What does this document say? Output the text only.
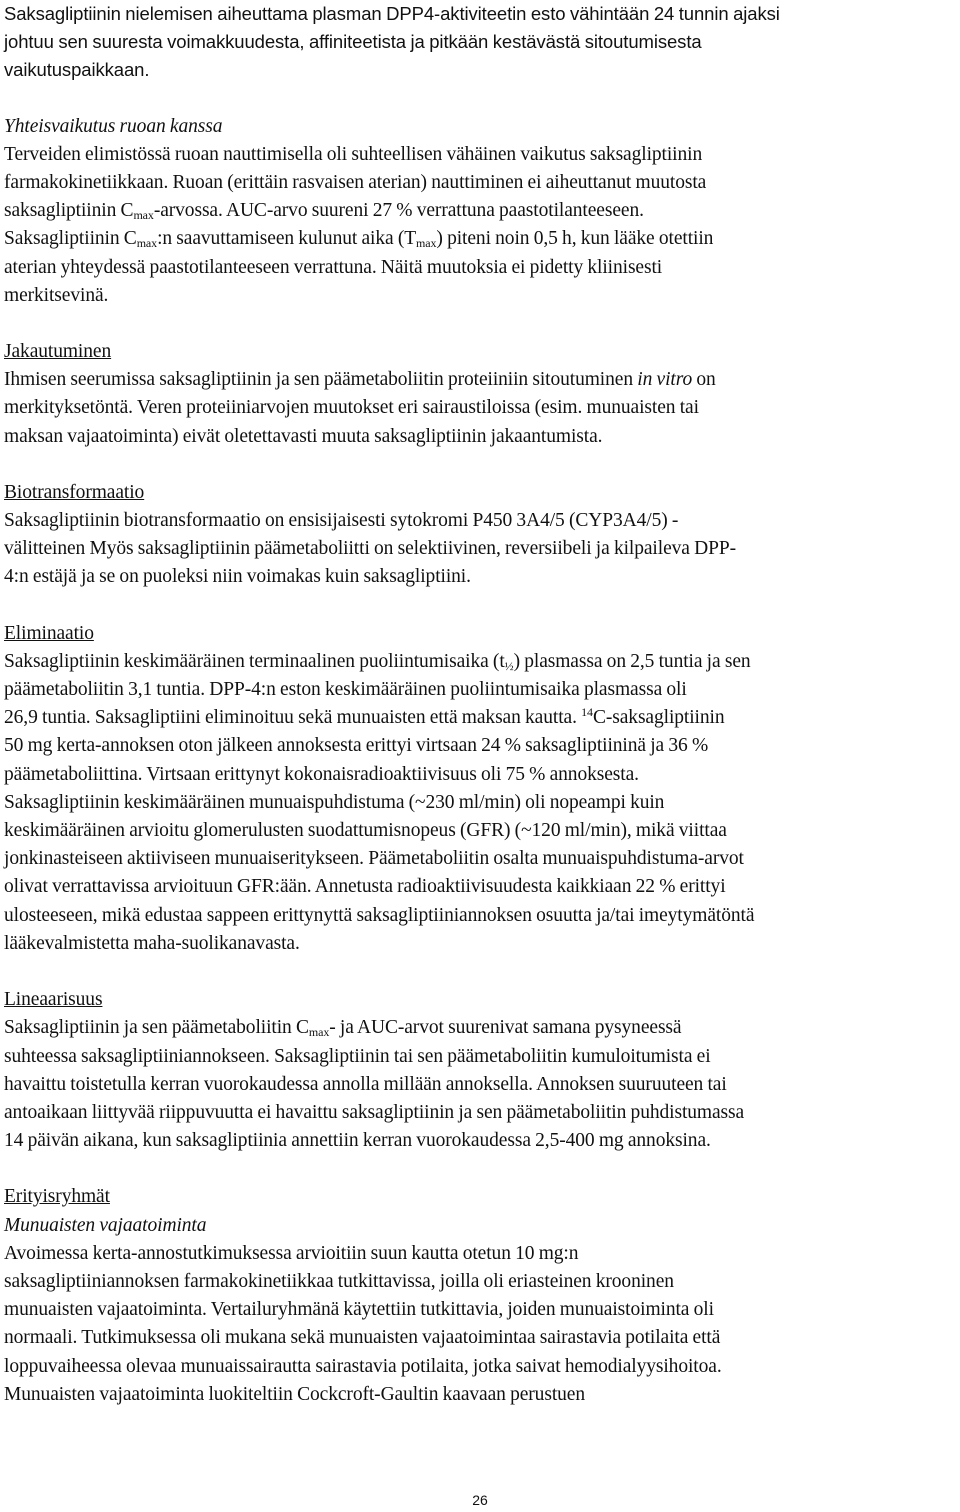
Saksagliptiinin nielemisen aiheuttama plasman DPP4-aktiviteetin esto vähintään 24 tunnin ajaksi

johtuu sen suuresta voimakkuudesta, affiniteetista ja pitkään kestävästä sitoutumisesta

vaikutuspaikkaan.

Yhteisvaikutus ruoan kanssa

Terveiden elimistössä ruoan nauttimisella oli suhteellisen vähäinen vaikutus saksagliptiinin

farmakokinetiikkaan. Ruoan (erittäin rasvaisen aterian) nauttiminen ei aiheuttanut muutosta

saksagliptiinin $C_{max}$-arvossa. AUC-arvo suureni 27 % verrattuna paastotilanteeseen.

Saksagliptiinin $C_{max}:n$ saavuttamiseen kulunut aika $(T_{max})$ piteni noin 0,5 h, kun lääke otettiin

aterian yhteydessä paastotilanteeseen verrattuna. Näitä muutoksia ei pidetty kliinisesti

merkitsevinä.

Jakautuminen

Ihmisen seerumissa saksagliptiinin ja sen päämetaboliitin proteiiniin sitoutuminen in vitro on

merkityksetöntä. Veren proteiiniarvojen muutokset eri sairaustiloissa (esim. munuaisten tai

maksan vajaatoiminta) eivät oletettavasti muuta saksagliptiinin jakaantumista.

Biotransformaatio

Saksagliptiinin biotransformaatio on ensisijaisesti sytokromi P450 3A4/5 (CYP3A4/5) -

välitteinen Myös saksagliptiinin päämetaboliitti on selektiivinen, reversiibeli ja kilpaileva DPP-

4:n estäjä ja se on puoleksi niin voimakas kuin saksagliptiini.

Eliminaatio

Saksagliptiinin keskimääräinen terminaalinen puoliintumisaika $(t_{\frac{1}{2}})$ plasmassa on 2,5 tuntia ja sen

päämetaboliitin 3,1 tuntia. DPP-4:n eston keskimääräinen puoliintumisaika plasmassa oli

26,9 tuntia. Saksagliptiini eliminoituu sekä munuaisten että maksan kautta. $^{14}$C-saksagliptiinin

50 mg kerta-annoksen oton jälkeen annoksesta erittyi virtsaan 24 % saksagliptiininä ja 36 %

päämetaboliittina. Virtsaan erittynyt kokonaisradioaktiivisuus oli 75 % annoksesta.

Saksagliptiinin keskimääräinen munuaispuhdistuma (~230 ml/min) oli nopeampi kuin

keskimääräinen arvioitu glomerulusten suodattumisnopeus (GFR) (~120 ml/min), mikä viittaa

jonkinasteiseen aktiiviseen munuaiseritykseen. Päämetaboliitin osalta munuaispuhdistuma-arvot

olivat verrattavissa arvioituun GFR:ään. Annetusta radioaktiivisuudesta kaikkiaan 22 % erittyi

ulosteeseen, mikä edustaa sappeen erittynyttä saksagliptiiniannoksen osuutta ja/tai imeytymätöntä

lääkevalmistetta maha-suolikanavasta.

Lineaarisuus

Saksagliptiinin ja sen päämetaboliitin $C_{max}-$ ja AUC-arvot suurenivat samana pysyneessä

suhteessa saksagliptiiniannokseen. Saksagliptiinin tai sen päämetaboliitin kumuloitumista ei

havaittu toistetulla kerran vuorokaudessa annolla millään annoksella. Annoksen suuruuteen tai

antoaikaan liittyvää riippuvuutta ei havaittu saksagliptiinin ja sen päämetaboliitin puhdistumassa

14 päivän aikana, kun saksagliptiinia annettiin kerran vuorokaudessa 2,5-400 mg annoksina.

Erityisryhmät

Munuaisten vajaatoiminta

Avoimessa kerta-annostutkimuksessa arvioitiin suun kautta otetun 10 mg:n

saksagliptiiniannoksen farmakokinetiikkaa tutkittavissa, joilla oli eriasteinen krooninen

munuaisten vajaatoiminta. Vertailuryhmänä käytettiin tutkittavia, joiden munuaistoiminta oli

normaali. Tutkimuksessa oli mukana sekä munuaisten vajaatoimintaa sairastavia potilaita että

loppuvaiheessa olevaa munuaissairautta sairastavia potilaita, jotka saivat hemodialyysihoitoa.

Munuaisten vajaatoiminta luokiteltiin Cockcroft-Gaultin kaavaan perustuen

26
